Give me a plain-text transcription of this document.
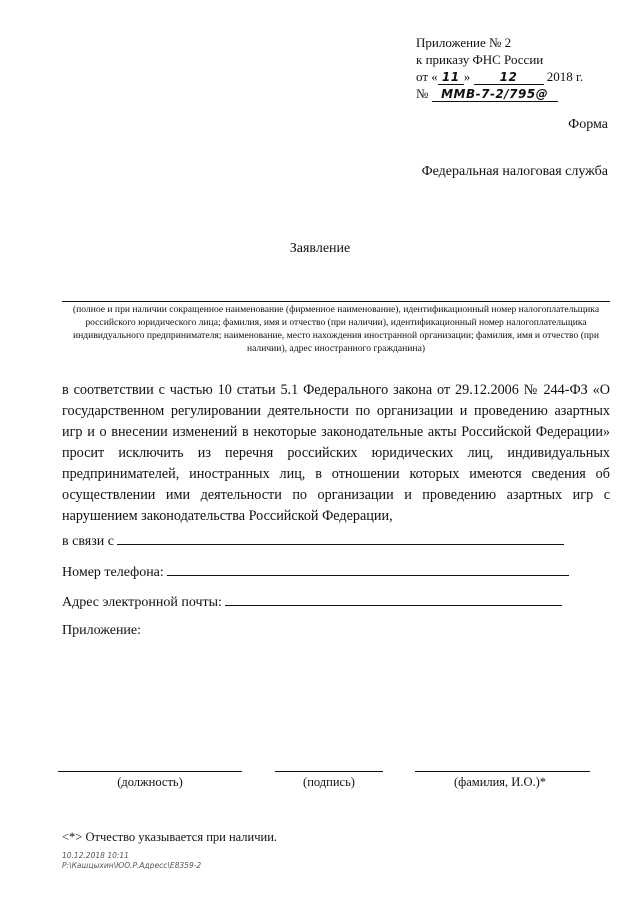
Приложение № 2
к приказу ФНС России
от « 11 » 12 2018 г.
№ ММВ-7-2/795@
Форма
Федеральная налоговая служба
Заявление
(полное и при наличии сокращенное наименование (фирменное наименование), идентификационный номер налогоплательщика российского юридического лица; фамилия, имя и отчество (при наличии), идентификационный номер налогоплательщика индивидуального предпринимателя; наименование, место нахождения иностранной организации; фамилия, имя и отчество (при наличии), адрес иностранного гражданина)
в соответствии с частью 10 статьи 5.1 Федерального закона от 29.12.2006 № 244-ФЗ «О государственном регулировании деятельности по организации и проведению азартных игр и о внесении изменений в некоторые законодательные акты Российской Федерации» просит исключить из перечня российских юридических лиц, индивидуальных предпринимателей, иностранных лиц, в отношении которых имеются сведения об осуществлении ими деятельности по организации и проведению азартных игр с нарушением законодательства Российской Федерации,
в связи с
Номер телефона:
Адрес электронной почты:
Приложение:
(должность)	(подпись)	(фамилия, И.О.)*
<*> Отчество указывается при наличии.
10.12.2018 10:11
Р:\Кашцыхин\ЮО.Р.Адресс\Е8359-2
